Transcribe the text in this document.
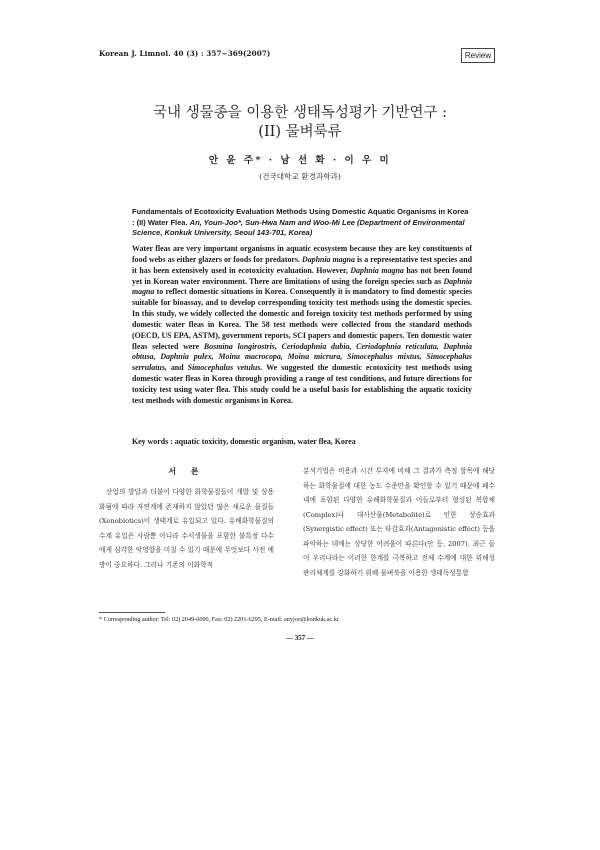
Korean J. Limnol. 40 (3) : 357~369(2007)	Review
국내 생물종을 이용한 생태독성평가 기반연구 :
(II) 물벼룩류
안 윤 주* · 남 선 화 · 이 우 미
(건국대학교 환경과학과)
Fundamentals of Ecotoxicity Evaluation Methods Using Domestic Aquatic Organisms in Korea : (II) Water Flea. An, Youn-Joo*, Sun-Hwa Nam and Woo-Mi Lee (Department of Environmental Science, Konkuk University, Seoul 143-701, Korea)
Water fleas are very important organisms in aquatic ecosystem because they are key constituents of food webs as either glazers or foods for predators. Daphnia magna is a representative test species and it has been extensively used in ecotoxicity evaluation. However, Daphnia magna has not been found yet in Korean water environment. There are limitations of using the foreign species such as Daphnia magna to reflect domestic situations in Korea. Consequently it is mandatory to find domestic species suitable for bioassay, and to develop corresponding toxicity test methods using the domestic species. In this study, we widely collected the domestic and foreign toxicity test methods performed by using domestic water fleas in Korea. The 58 test methods were collected from the standard methods (OECD, US EPA, ASTM), government reports, SCI papers and domestic papers. Ten domestic water fleas selected were Bosmina longirostris, Ceriodaphnia dubia, Ceriodaphnia reticulata, Daphnia obtusa, Daphnia pulex, Moina macrocopa, Moina micrura, Simocephalus mixtus, Simocephalus serrulatus, and Simocephalus vetulus. We suggested the domestic ecotoxicity test methods using domestic water fleas in Korea through providing a range of test conditions, and future directions for toxicity test using water flea. This study could be a useful basis for establishing the aquatic toxicity test methods with domestic organisms in Korea.
Key words : aquatic toxicity, domestic organism, water flea, Korea
서 론
산업의 발달과 더불어 다양한 화학물질들이 개발 및 상용화됨에 따라 자연계에 존재하지 않았던 많은 새로운 물질들(Xenobiotics)이 생태계로 유입되고 있다. 유해화학물질의 수계 유입은 사람뿐 아니라 수서생물을 포함한 불특정 다수에게 심각한 악영향을 미칠 수 있기 때문에 무엇보다 사전 예방이 중요하다. 그러나 기존의 이화학적
분석기법은 비용과 시간 투자에 비해 그 결과가 측정 항목에 해당하는 화학물질에 대한 농도 수준만을 확인할 수 있기 때문에 폐수 내에 포함된 다양한 유해화학물질과 이들로부터 형성된 복합체(Complex)나 대사산물(Metabolite)로 인한 상승효과(Synergistic effect) 또는 타감효과(Antagonistic effect) 등을 파악하는 데에는 상당한 어려움이 따른다(안 등, 2007). 최근 들어 우리나라는 이러한 한계를 극복하고 전체 수계에 대한 위해성 관리체계를 강화하기 위해 물벼룩을 이용한 생태독성통합
* Corresponding author: Tel: 02) 2049-6090, Fax: 02) 2201-6295, E-mail: anyjoo@konkuk.ac.kr
— 357 —
